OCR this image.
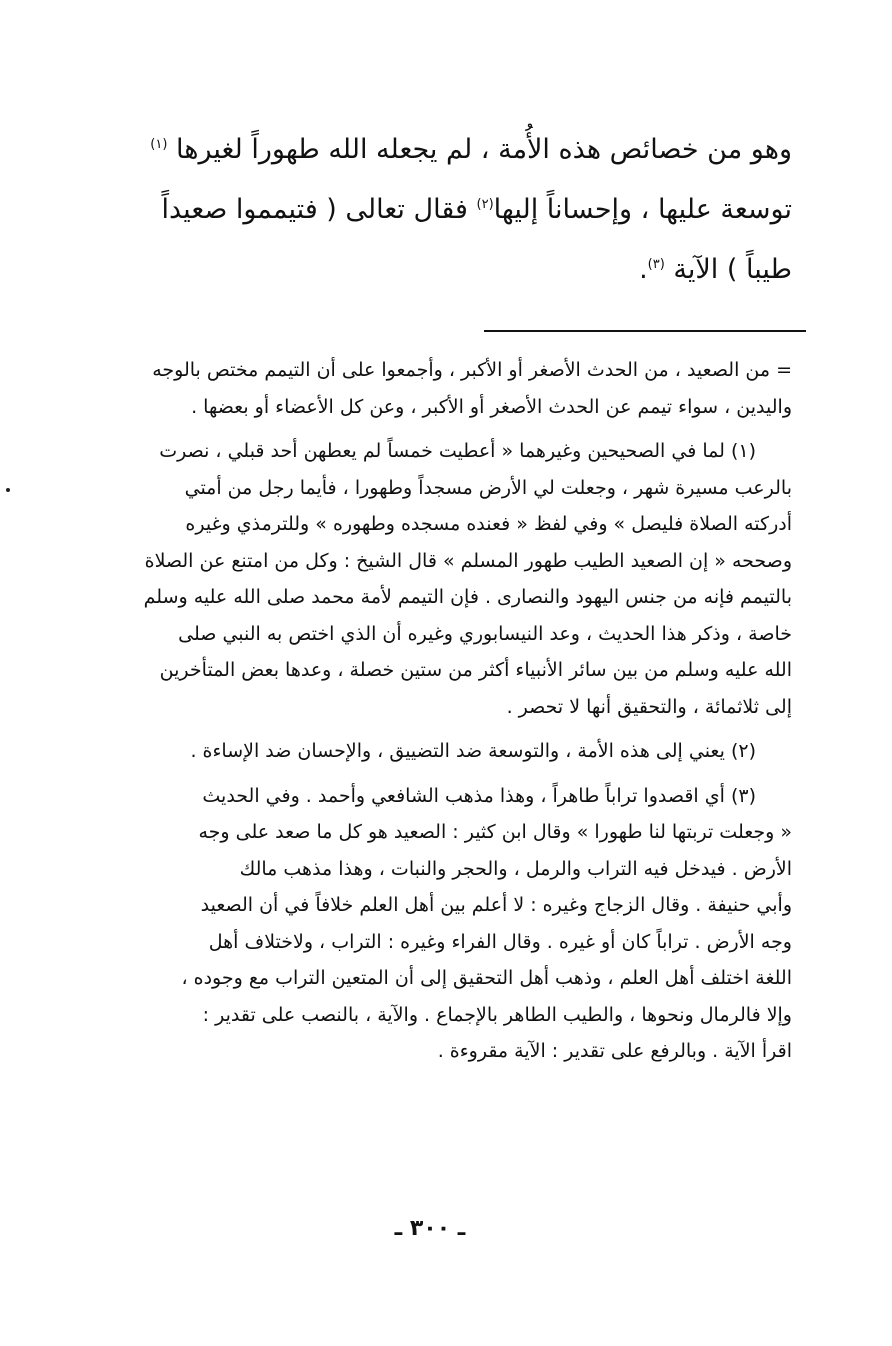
وهو من خصائص هذه الأُمة ، لم يجعله الله طهوراً لغيرها $^{(١)}$
توسعة عليها ، وإحساناً إليها$^{(٢)}$ فقال تعالى ( فتيمموا صعيداً
طيباً ) الآية $^{(٣)}$.
= من الصعيد ، من الحدث الأصغر أو الأكبر ، وأجمعوا على أن التيمم مختص بالوجه
واليدين ، سواء تيمم عن الحدث الأصغر أو الأكبر ، وعن كل الأعضاء أو بعضها .
(١) لما في الصحيحين وغيرهما « أعطيت خمساً لم يعطهن أحد قبلي ، نصرت
بالرعب مسيرة شهر ، وجعلت لي الأرض مسجداً وطهورا ، فأيما رجل من أمتي
أدركته الصلاة فليصل » وفي لفظ « فعنده مسجده وطهوره » وللترمذي وغيره
وصححه « إن الصعيد الطيب طهور المسلم » قال الشيخ : وكل من امتنع عن الصلاة
بالتيمم فإنه من جنس اليهود والنصارى . فإن التيمم لأمة محمد صلى الله عليه وسلم
خاصة ، وذكر هذا الحديث ، وعد النيسابوري وغيره أن الذي اختص به النبي صلى
الله عليه وسلم من بين سائر الأنبياء أكثر من ستين خصلة ، وعدها بعض المتأخرين
إلى ثلاثمائة ، والتحقيق أنها لا تحصر .
(٢) يعني إلى هذه الأمة ، والتوسعة ضد التضييق ، والإحسان ضد الإساءة .
(٣) أي اقصدوا تراباً طاهراً ، وهذا مذهب الشافعي وأحمد . وفي الحديث
« وجعلت تربتها لنا طهورا » وقال ابن كثير : الصعيد هو كل ما صعد على وجه
الأرض . فيدخل فيه التراب والرمل ، والحجر والنبات ، وهذا مذهب مالك
وأبي حنيفة . وقال الزجاج وغيره : لا أعلم بين أهل العلم خلافاً في أن الصعيد
وجه الأرض . تراباً كان أو غيره . وقال الفراء وغيره : التراب ، ولاختلاف أهل
اللغة اختلف أهل العلم ، وذهب أهل التحقيق إلى أن المتعين التراب مع وجوده ،
وإلا فالرمال ونحوها ، والطيب الطاهر بالإجماع . والآية ، بالنصب على تقدير :
اقرأ الآية . وبالرفع على تقدير : الآية مقروءة .
ـ ٣٠٠ ـ
